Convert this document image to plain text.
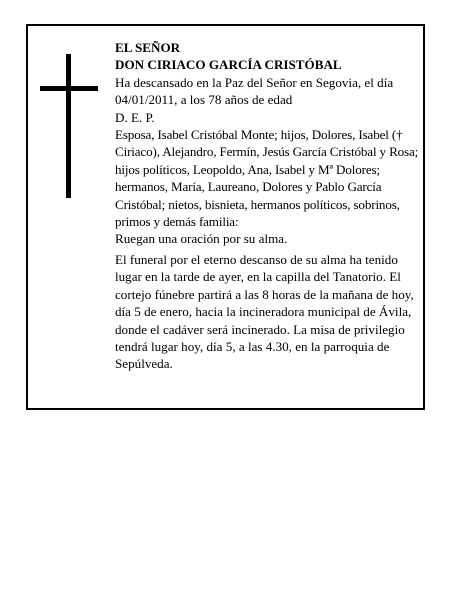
EL SEÑOR

DON CIRIACO GARCÍA CRISTÓBAL

Ha descansado en la Paz del Señor en Segovia, el día 04/01/2011, a los 78 años de edad

D. E. P.

Esposa, Isabel Cristóbal Monte; hijos, Dolores, Isabel († Ciriaco), Alejandro, Fermín, Jesús García Cristóbal y Rosa; hijos políticos, Leopoldo, Ana, Isabel y Mª Dolores; hermanos, María, Laureano, Dolores y Pablo García Cristóbal; nietos, bisnieta, hermanos políticos, sobrinos, primos y demás familia:

Ruegan una oración por su alma.

El funeral por el eterno descanso de su alma ha tenido lugar en la tarde de ayer, en la capilla del Tanatorio. El cortejo fúnebre partirá a las 8 horas de la mañana de hoy, día 5 de enero, hacia la incineradora municipal de Ávila, donde el cadáver será incinerado. La misa de privilegio tendrá lugar hoy, día 5, a las 4.30, en la parroquia de Sepúlveda.
